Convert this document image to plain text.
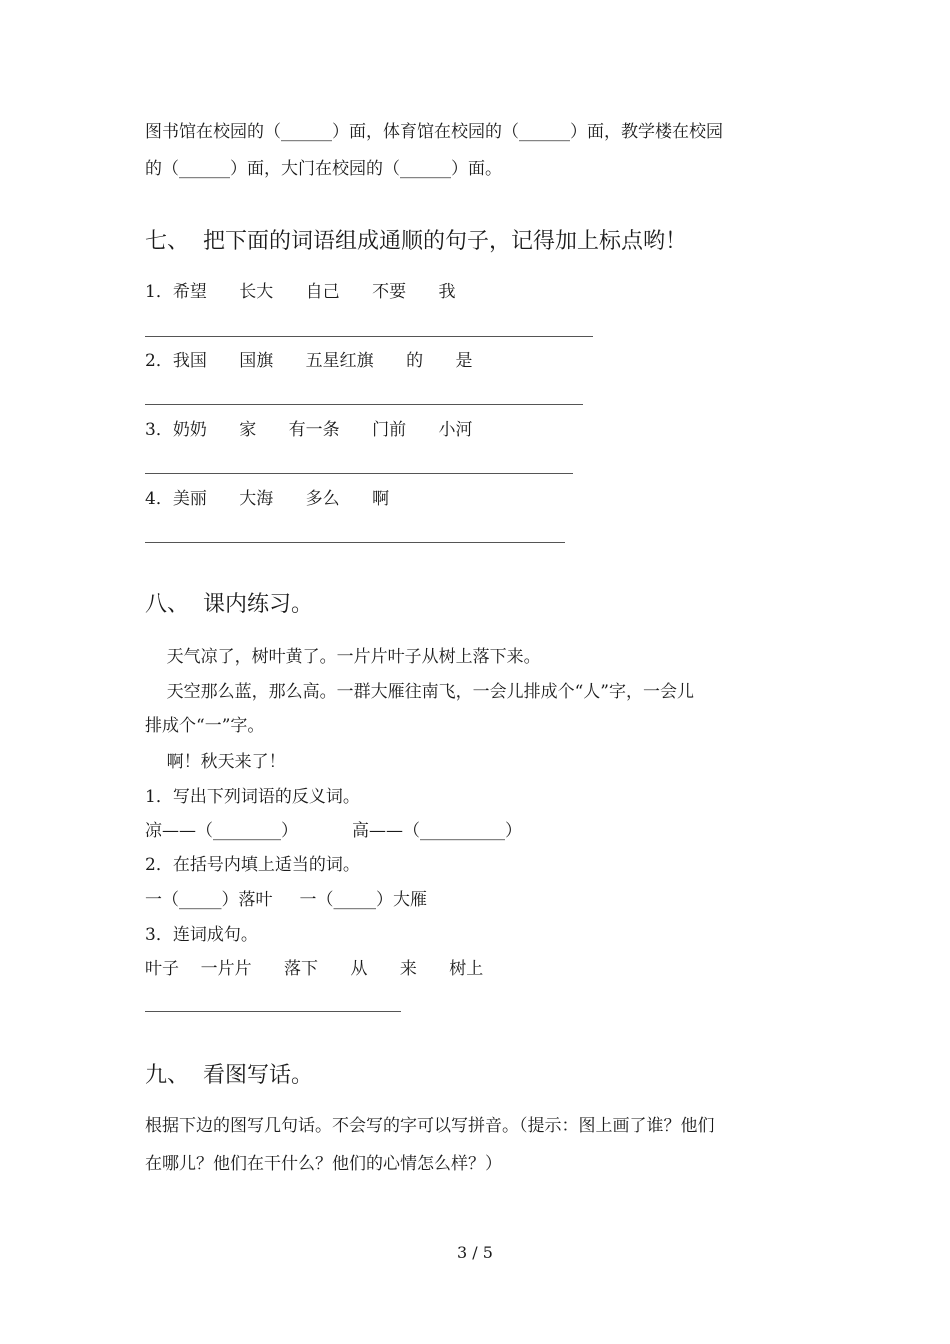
图书馆在校园的（______）面，体育馆在校园的（______）面，教学楼在校园
的（______）面，大门在校园的（______）面。
七、  把下面的词语组成通顺的句子，记得加上标点哟！
1．希望      长大      自己      不要      我
2．我国      国旗      五星红旗      的      是
3．奶奶      家      有一条      门前      小河
4．美丽      大海      多么      啊
八、  课内练习。
天气凉了，树叶黄了。一片片叶子从树上落下来。
天空那么蓝，那么高。一群大雁往南飞，一会儿排成个“人”字，一会儿
排成个“一”字。
啊！秋天来了！
1．写出下列词语的反义词。
凉——（________）          高——（__________）
2．在括号内填上适当的词。
一（_____）落叶     一（_____）大雁
3．连词成句。
叶子    一片片      落下      从      来      树上
九、  看图写话。
根据下边的图写几句话。不会写的字可以写拼音。（提示：图上画了谁？他们
在哪儿？他们在干什么？他们的心情怎么样？）
3 / 5
